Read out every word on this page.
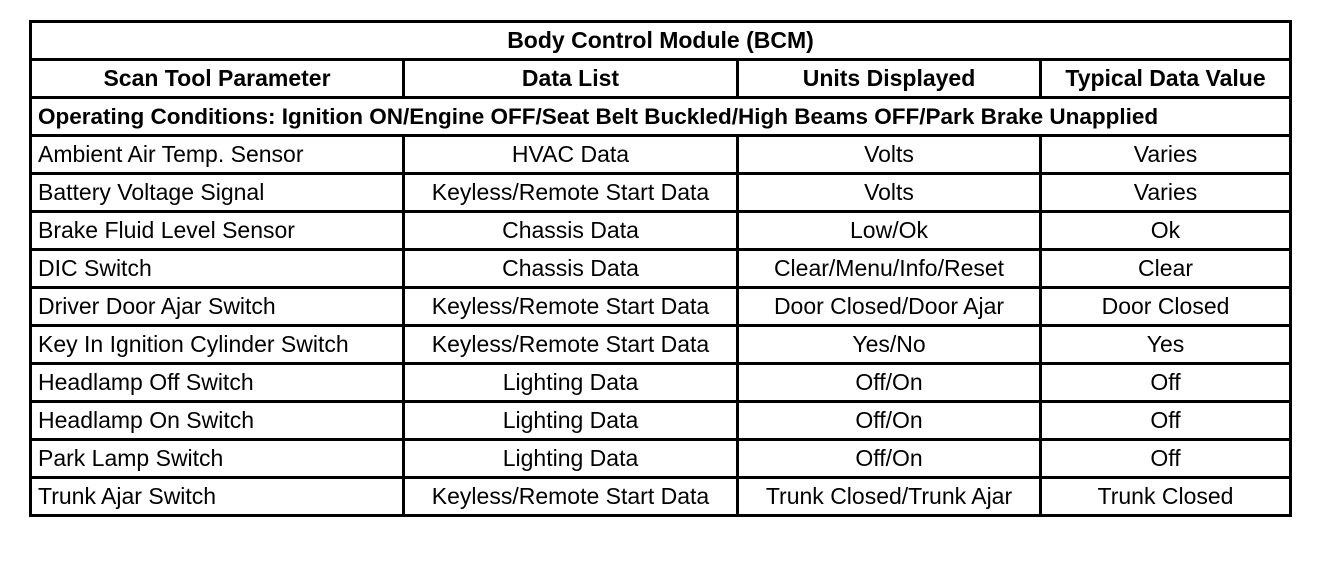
Body Control Module (BCM)			
Scan Tool Parameter	Data List	Units Displayed	Typical Data Value
Operating Conditions: Ignition ON/Engine OFF/Seat Belt Buckled/High Beams OFF/Park Brake Unapplied			
Ambient Air Temp. Sensor	HVAC Data	Volts	Varies
Battery Voltage Signal	Keyless/Remote Start Data	Volts	Varies
Brake Fluid Level Sensor	Chassis Data	Low/Ok	Ok
DIC Switch	Chassis Data	Clear/Menu/Info/Reset	Clear
Driver Door Ajar Switch	Keyless/Remote Start Data	Door Closed/Door Ajar	Door Closed
Key In Ignition Cylinder Switch	Keyless/Remote Start Data	Yes/No	Yes
Headlamp Off Switch	Lighting Data	Off/On	Off
Headlamp On Switch	Lighting Data	Off/On	Off
Park Lamp Switch	Lighting Data	Off/On	Off
Trunk Ajar Switch	Keyless/Remote Start Data	Trunk Closed/Trunk Ajar	Trunk Closed
